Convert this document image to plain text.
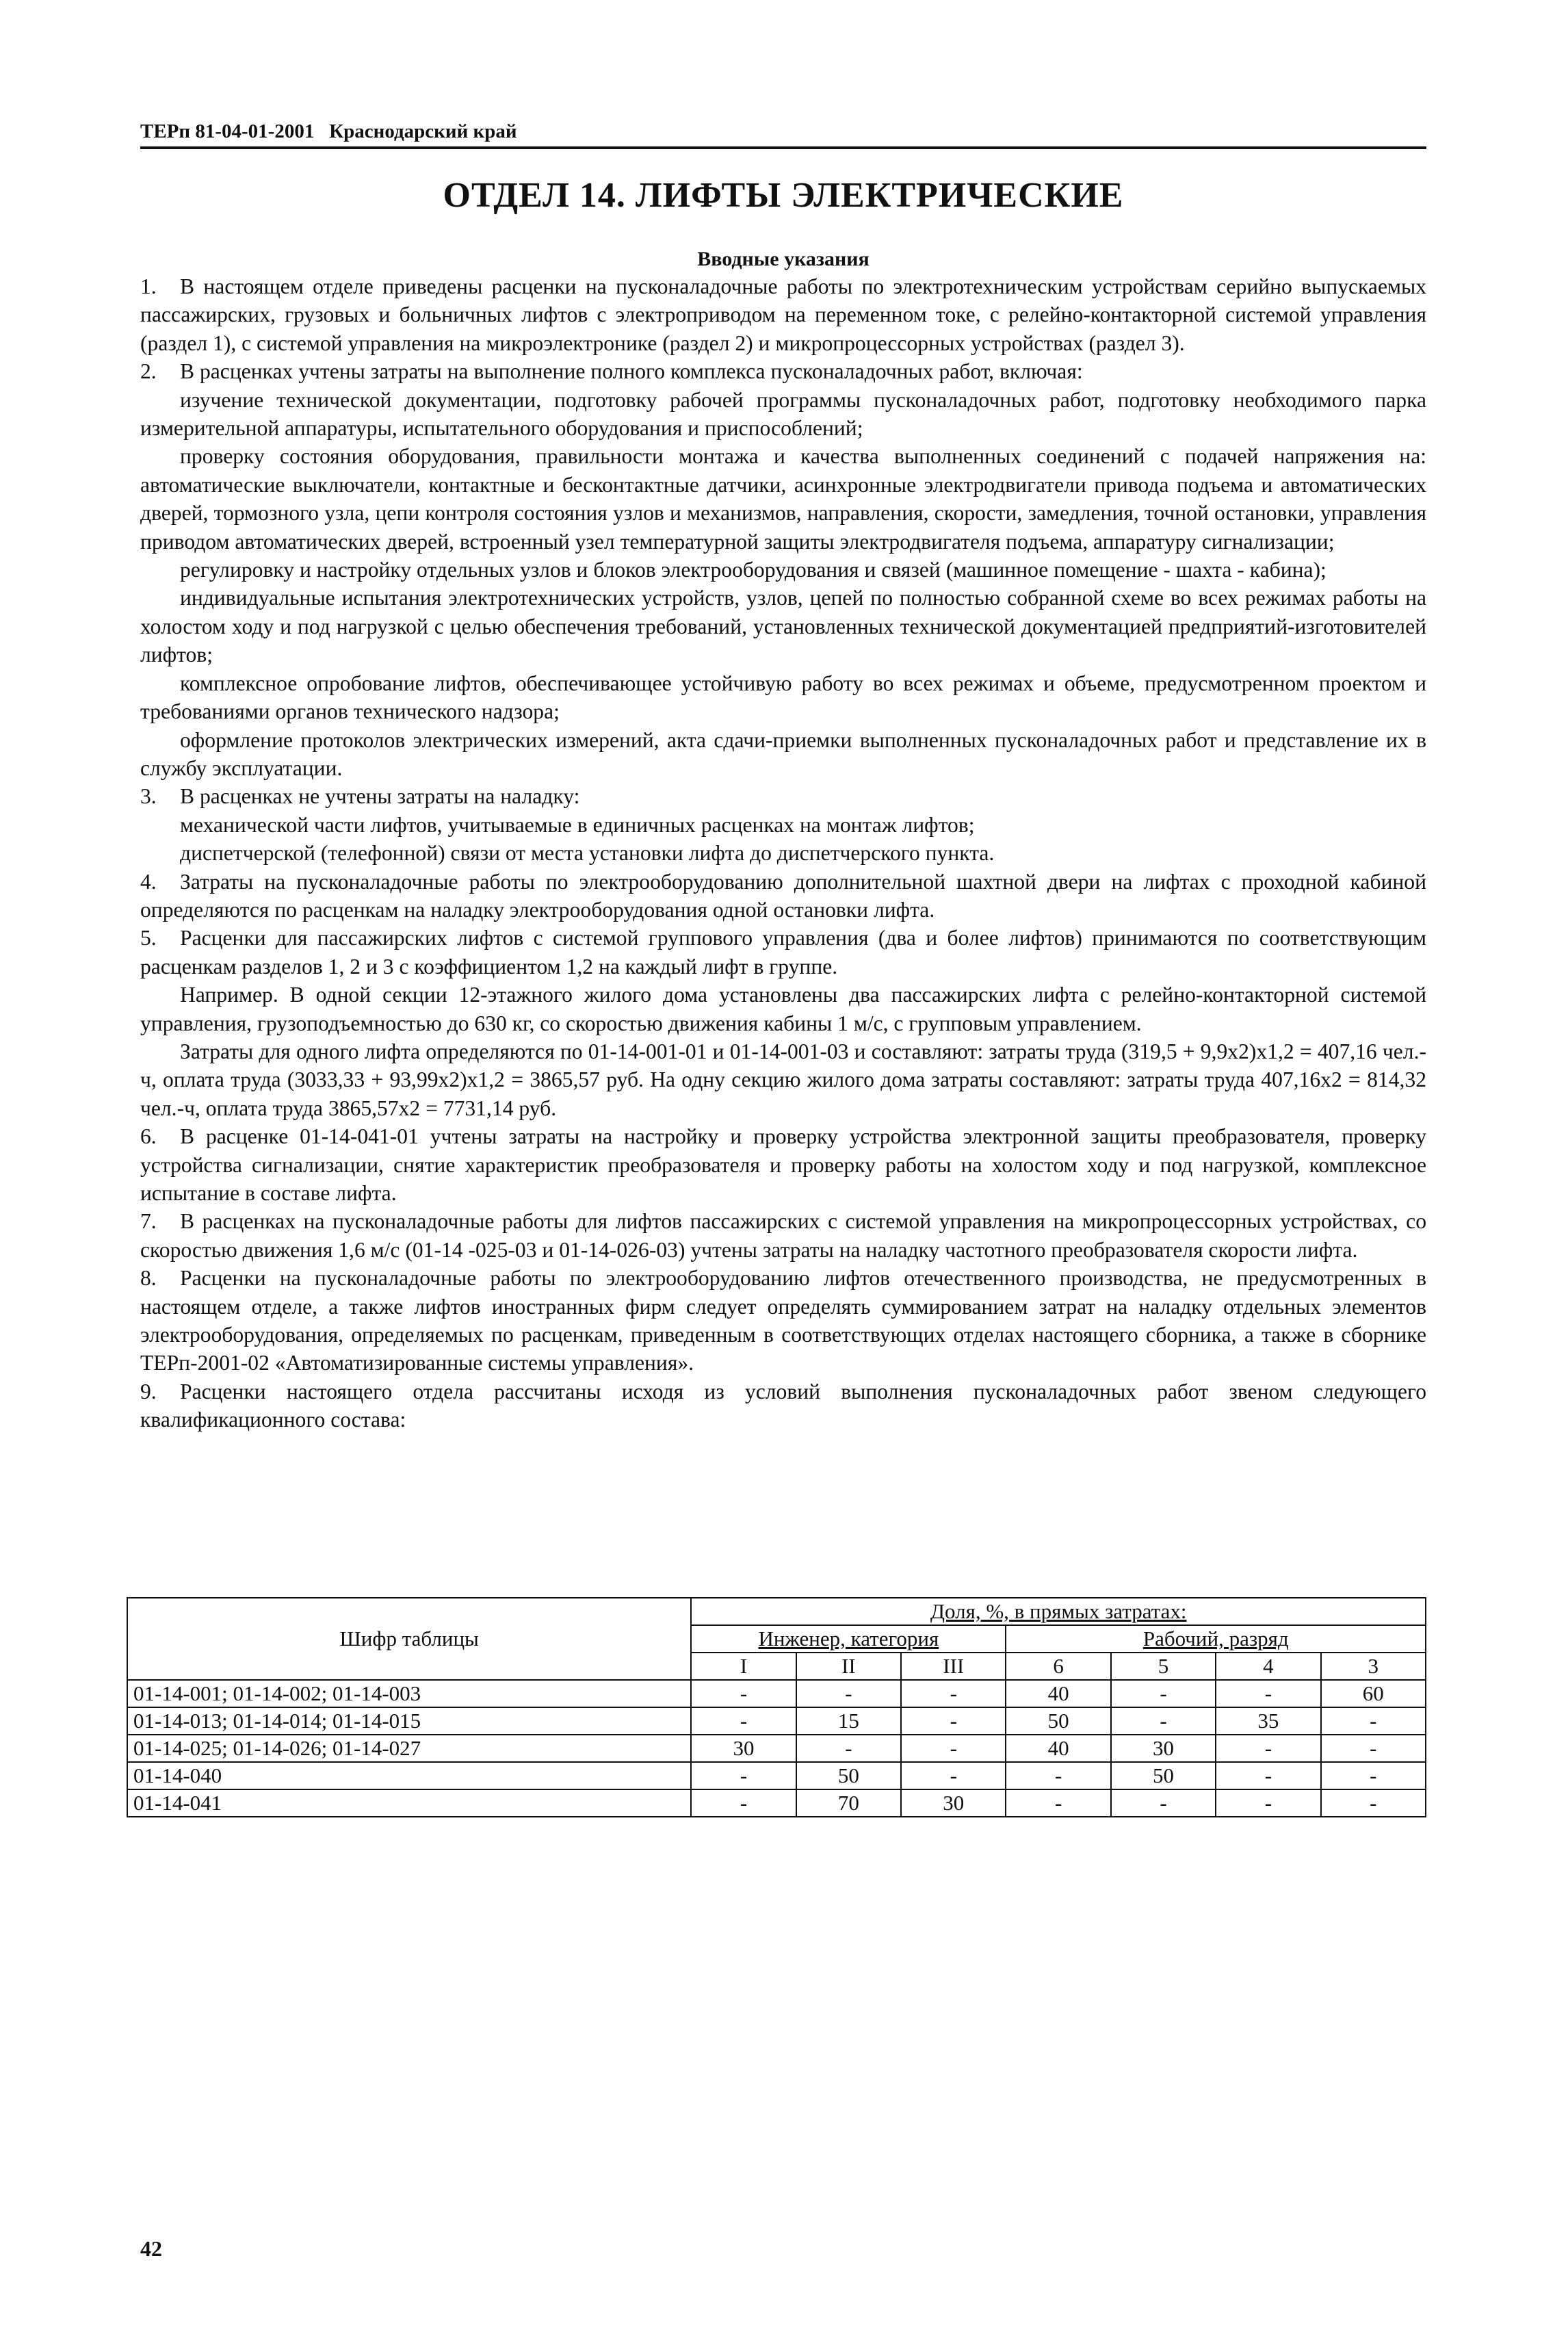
ТЕРп 81-04-01-2001 Краснодарский край
ОТДЕЛ 14. ЛИФТЫ ЭЛЕКТРИЧЕСКИЕ
Вводные указания

1. В настоящем отделе приведены расценки на пусконаладочные работы по электротехническим устройствам серийно выпускаемых пассажирских, грузовых и больничных лифтов с электроприводом на переменном токе, с релейно-контакторной системой управления (раздел 1), с системой управления на микроэлектронике (раздел 2) и микропроцессорных устройствах (раздел 3).

2. В расценках учтены затраты на выполнение полного комплекса пусконаладочных работ, включая:

изучение технической документации, подготовку рабочей программы пусконаладочных работ, подготовку необходимого парка измерительной аппаратуры, испытательного оборудования и приспособлений;

проверку состояния оборудования, правильности монтажа и качества выполненных соединений с подачей напряжения на: автоматические выключатели, контактные и бесконтактные датчики, асинхронные электродвигатели привода подъема и автоматических дверей, тормозного узла, цепи контроля состояния узлов и механизмов, направления, скорости, замедления, точной остановки, управления приводом автоматических дверей, встроенный узел температурной защиты электродвигателя подъема, аппаратуру сигнализации;

регулировку и настройку отдельных узлов и блоков электрооборудования и связей (машинное помещение - шахта - кабина);

индивидуальные испытания электротехнических устройств, узлов, цепей по полностью собранной схеме во всех режимах работы на холостом ходу и под нагрузкой с целью обеспечения требований, установленных технической документацией предприятий-изготовителей лифтов;

комплексное опробование лифтов, обеспечивающее устойчивую работу во всех режимах и объеме, предусмотренном проектом и требованиями органов технического надзора;

оформление протоколов электрических измерений, акта сдачи-приемки выполненных пусконаладочных работ и представление их в службу эксплуатации.

3. В расценках не учтены затраты на наладку:

механической части лифтов, учитываемые в единичных расценках на монтаж лифтов;

диспетчерской (телефонной) связи от места установки лифта до диспетчерского пункта.

4. Затраты на пусконаладочные работы по электрооборудованию дополнительной шахтной двери на лифтах с проходной кабиной определяются по расценкам на наладку электрооборудования одной остановки лифта.

5. Расценки для пассажирских лифтов с системой группового управления (два и более лифтов) принимаются по соответствующим расценкам разделов 1, 2 и 3 с коэффициентом 1,2 на каждый лифт в группе.

Например. В одной секции 12-этажного жилого дома установлены два пассажирских лифта с релейно-контакторной системой управления, грузоподъемностью до 630 кг, со скоростью движения кабины 1 м/с, с групповым управлением.

Затраты для одного лифта определяются по 01-14-001-01 и 01-14-001-03 и составляют: затраты труда (319,5 + 9,9x2)x1,2 = 407,16 чел.-ч, оплата труда (3033,33 + 93,99x2)x1,2 = 3865,57 руб. На одну секцию жилого дома затраты составляют: затраты труда 407,16x2 = 814,32 чел.-ч, оплата труда 3865,57x2 = 7731,14 руб.

6. В расценке 01-14-041-01 учтены затраты на настройку и проверку устройства электронной защиты преобразователя, проверку устройства сигнализации, снятие характеристик преобразователя и проверку работы на холостом ходу и под нагрузкой, комплексное испытание в составе лифта.

7. В расценках на пусконаладочные работы для лифтов пассажирских с системой управления на микропроцессорных устройствах, со скоростью движения 1,6 м/с (01-14 -025-03 и 01-14-026-03) учтены затраты на наладку частотного преобразователя скорости лифта.

8. Расценки на пусконаладочные работы по электрооборудованию лифтов отечественного производства, не предусмотренных в настоящем отделе, а также лифтов иностранных фирм следует определять суммированием затрат на наладку отдельных элементов электрооборудования, определяемых по расценкам, приведенным в соответствующих отделах настоящего сборника, а также в сборнике ТЕРп-2001-02 «Автоматизированные системы управления».

9. Расценки настоящего отдела рассчитаны исходя из условий выполнения пусконаладочных работ звеном следующего квалификационного состава:

Шифр таблицы	Доля, %, в прямых затратах:						
	Инженер, категория			Рабочий, разряд			
	I	II	III	6	5	4	3
01-14-001; 01-14-002; 01-14-003	-	-	-	40	-	-	60
01-14-013; 01-14-014; 01-14-015	-	15	-	50	-	35	-
01-14-025; 01-14-026; 01-14-027	30	-	-	40	30	-	-
01-14-040	-	50	-	-	50	-	-
01-14-041	-	70	30	-	-	-	-
42
